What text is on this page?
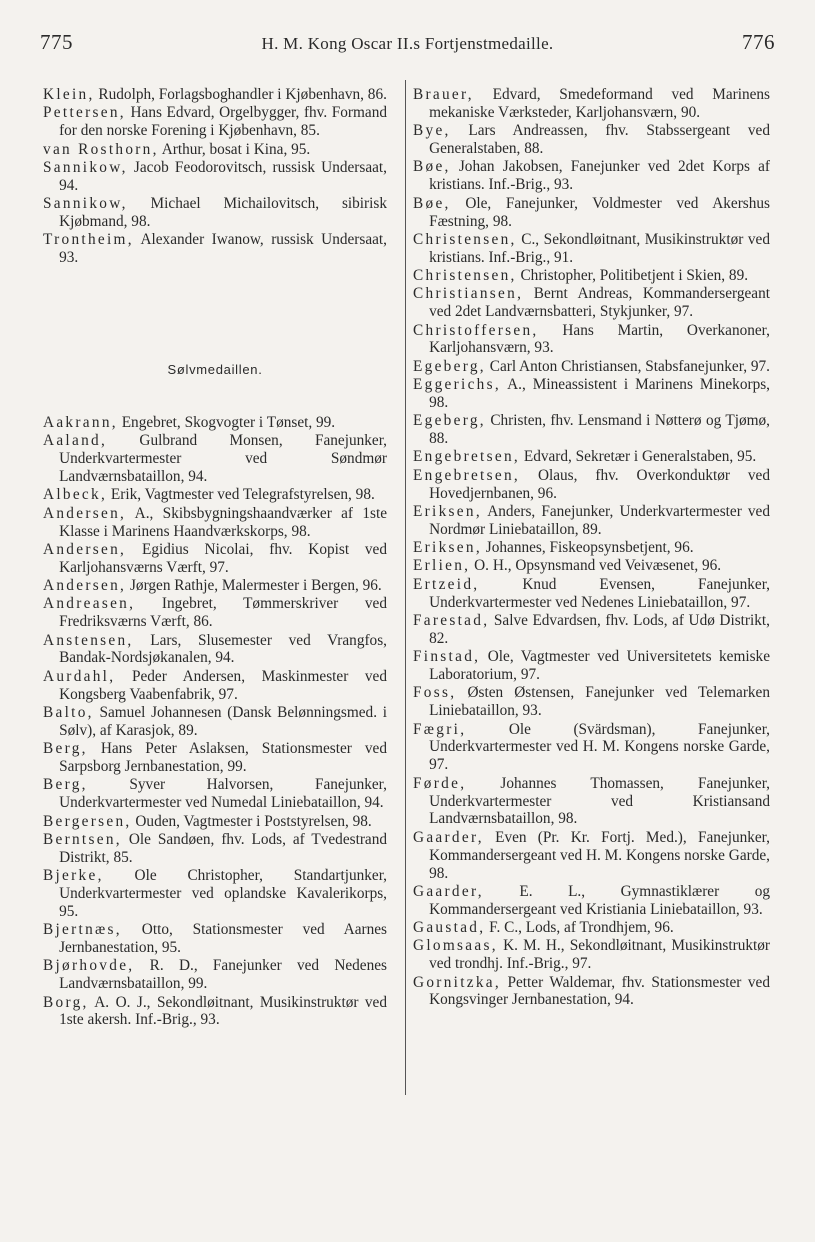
775	H. M. Kong Oscar II.s Fortjenstmedaille.	776

Klein, Rudolph, Forlagsboghandler i Kjøbenhavn, 86.

Pettersen, Hans Edvard, Orgelbygger, fhv. Formand for den norske Forening i Kjøbenhavn, 85.

van Rosthorn, Arthur, bosat i Kina, 95.

Sannikow, Jacob Feodorovitsch, russisk Undersaat, 94.

Sannikow, Michael Michailovitsch, sibirisk Kjøbmand, 98.

Trontheim, Alexander Iwanow, russisk Undersaat, 93.

Sølvmedaillen.

Aakrann, Engebret, Skogvogter i Tønset, 99.

Aaland, Gulbrand Monsen, Fanejunker, Underkvartermester ved Søndmør Landværnsbataillon, 94.

Albeck, Erik, Vagtmester ved Telegrafstyrelsen, 98.

Andersen, A., Skibsbygningshaandværker af 1ste Klasse i Marinens Haandværkskorps, 98.

Andersen, Egidius Nicolai, fhv. Kopist ved Karljohansværns Værft, 97.

Andersen, Jørgen Rathje, Malermester i Bergen, 96.

Andreasen, Ingebret, Tømmerskriver ved Fredriksværns Værft, 86.

Anstensen, Lars, Slusemester ved Vrangfos, Bandak-Nordsjøkanalen, 94.

Aurdahl, Peder Andersen, Maskinmester ved Kongsberg Vaabenfabrik, 97.

Balto, Samuel Johannesen (Dansk Belønningsmed. i Sølv), af Karasjok, 89.

Berg, Hans Peter Aslaksen, Stationsmester ved Sarpsborg Jernbanestation, 99.

Berg, Syver Halvorsen, Fanejunker, Underkvartermester ved Numedal Liniebataillon, 94.

Bergersen, Ouden, Vagtmester i Poststyrelsen, 98.

Berntsen, Ole Sandøen, fhv. Lods, af Tvedestrand Distrikt, 85.

Bjerke, Ole Christopher, Standartjunker, Underkvartermester ved oplandske Kavalerikorps, 95.

Bjertnæs, Otto, Stationsmester ved Aarnes Jernbanestation, 95.

Bjørhovde, R. D., Fanejunker ved Nedenes Landværnsbataillon, 99.

Borg, A. O. J., Sekondløitnant, Musikinstruktør ved 1ste akersh. Inf.-Brig., 93.

Brauer, Edvard, Smedeformand ved Marinens mekaniske Værksteder, Karljohansværn, 90.

Bye, Lars Andreassen, fhv. Stabssergeant ved Generalstaben, 88.

Bøe, Johan Jakobsen, Fanejunker ved 2det Korps af kristians. Inf.-Brig., 93.

Bøe, Ole, Fanejunker, Voldmester ved Akershus Fæstning, 98.

Christensen, C., Sekondløitnant, Musikinstruktør ved kristians. Inf.-Brig., 91.

Christensen, Christopher, Politibetjent i Skien, 89.

Christiansen, Bernt Andreas, Kommandersergeant ved 2det Landværnsbatteri, Stykjunker, 97.

Christoffersen, Hans Martin, Overkanoner, Karljohansværn, 93.

Egeberg, Carl Anton Christiansen, Stabsfanejunker, 97.

Eggerichs, A., Mineassistent i Marinens Minekorps, 98.

Egeberg, Christen, fhv. Lensmand i Nøtterø og Tjømø, 88.

Engebretsen, Edvard, Sekretær i Generalstaben, 95.

Engebretsen, Olaus, fhv. Overkonduktør ved Hovedjernbanen, 96.

Eriksen, Anders, Fanejunker, Underkvartermester ved Nordmør Liniebataillon, 89.

Eriksen, Johannes, Fiskeopsynsbetjent, 96.

Erlien, O. H., Opsynsmand ved Veivæsenet, 96.

Ertzeid, Knud Evensen, Fanejunker, Underkvartermester ved Nedenes Liniebataillon, 97.

Farestad, Salve Edvardsen, fhv. Lods, af Udø Distrikt, 82.

Finstad, Ole, Vagtmester ved Universitetets kemiske Laboratorium, 97.

Foss, Østen Østensen, Fanejunker ved Telemarken Liniebataillon, 93.

Fægri, Ole (Svärdsman), Fanejunker, Underkvartermester ved H. M. Kongens norske Garde, 97.

Førde, Johannes Thomassen, Fanejunker, Underkvartermester ved Kristiansand Landværnsbataillon, 98.

Gaarder, Even (Pr. Kr. Fortj. Med.), Fanejunker, Kommandersergeant ved H. M. Kongens norske Garde, 98.

Gaarder, E. L., Gymnastiklærer og Kommandersergeant ved Kristiania Liniebataillon, 93.

Gaustad, F. C., Lods, af Trondhjem, 96.

Glomsaas, K. M. H., Sekondløitnant, Musikinstruktør ved trondhj. Inf.-Brig., 97.

Gornitzka, Petter Waldemar, fhv. Stationsmester ved Kongsvinger Jernbanestation, 94.
